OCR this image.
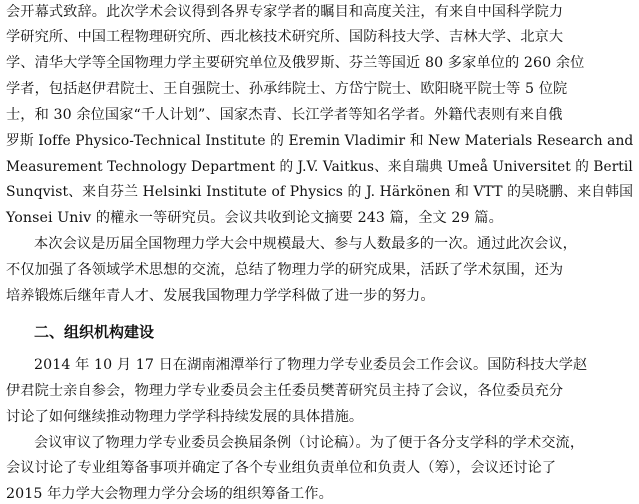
会开幕式致辞。此次学术会议得到各界专家学者的瞩目和高度关注，有来自中国科学院力
学研究所、中国工程物理研究所、西北核技术研究所、国防科技大学、吉林大学、北京大
学、清华大学等全国物理力学主要研究单位及俄罗斯、芬兰等国近 80 多家单位的 260 余位
学者，包括赵伊君院士、王自强院士、孙承纬院士、方岱宁院士、欧阳晓平院士等 5 位院
士，和 30 余位国家“千人计划”、国家杰青、长江学者等知名学者。外籍代表则有来自俄
罗斯 Ioffe Physico-Technical Institute 的 Eremin Vladimir 和 New Materials Research and
Measurement Technology Department 的 J.V. Vaitkus、来自瑞典 Umeå Universitet 的 Bertil
Sunqvist、来自芬兰 Helsinki Institute of Physics 的 J. Härkönen 和 VTT 的吴晓鹏、来自韩国
Yonsei Univ 的權永一等研究员。会议共收到论文摘要 243 篇，全文 29 篇。
本次会议是历届全国物理力学大会中规模最大、参与人数最多的一次。通过此次会议，
不仅加强了各领域学术思想的交流，总结了物理力学的研究成果，活跃了学术氛围，还为
培养锻炼后继年青人才、发展我国物理力学学科做了进一步的努力。
二、组织机构建设
2014 年 10 月 17 日在湖南湘潭举行了物理力学专业委员会工作会议。国防科技大学赵
伊君院士亲自参会，物理力学专业委员会主任委员樊菁研究员主持了会议，各位委员充分
讨论了如何继续推动物理力学学科持续发展的具体措施。
会议审议了物理力学专业委员会换届条例（讨论稿）。为了便于各分支学科的学术交流，
会议讨论了专业组筹备事项并确定了各个专业组负责单位和负责人（筹），会议还讨论了
2015 年力学大会物理力学分会场的组织筹备工作。
